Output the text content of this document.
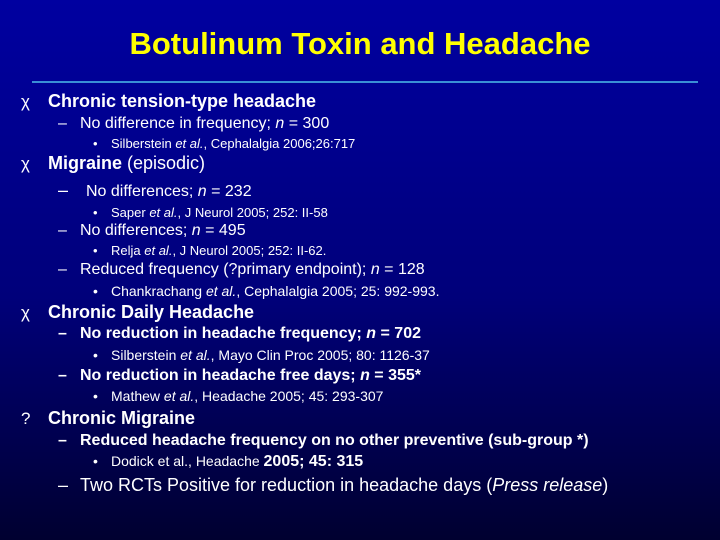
Botulinum Toxin and Headache
χ Chronic tension-type headache
– No difference in frequency; n = 300
• Silberstein et al., Cephalalgia 2006;26:717
χ Migraine (episodic)
– No differences; n = 232
• Saper et al., J Neurol 2005; 252: II-58
– No differences; n = 495
• Relja et al., J Neurol 2005; 252: II-62.
– Reduced frequency (?primary endpoint); n = 128
• Chankrachang et al., Cephalalgia 2005; 25: 992-993.
χ Chronic Daily Headache
– No reduction in headache frequency; n = 702
• Silberstein et al., Mayo Clin Proc 2005; 80: 1126-37
– No reduction in headache free days; n = 355*
• Mathew et al., Headache 2005; 45: 293-307
? Chronic Migraine
– Reduced headache frequency on no other preventive (sub-group *)
• Dodick et al., Headache 2005; 45: 315
– Two RCTs Positive for reduction in headache days (Press release)
